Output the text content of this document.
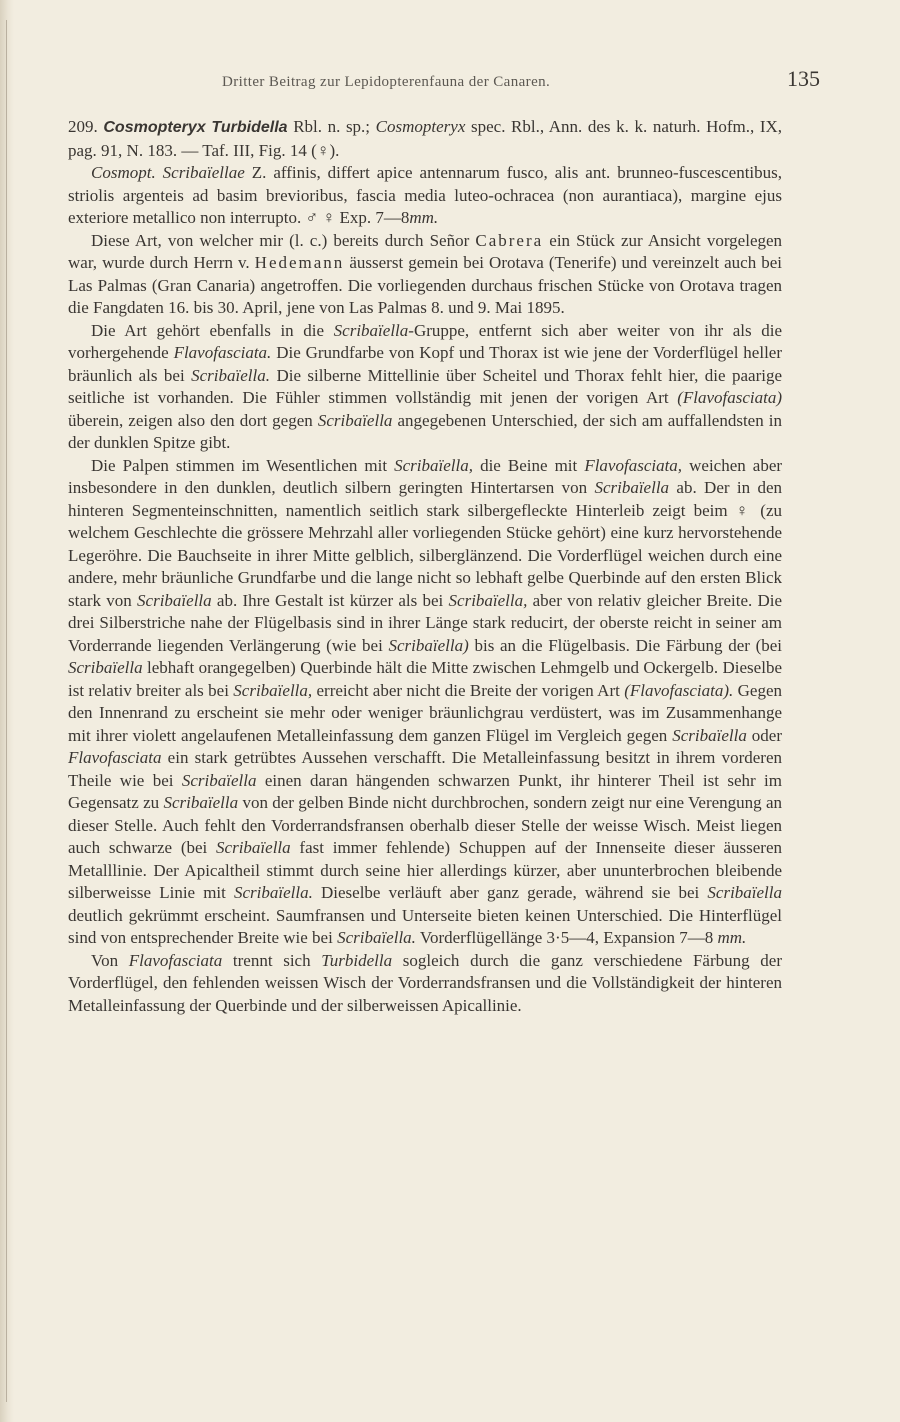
Dritter Beitrag zur Lepidopterenfauna der Canaren.	135

209. Cosmopteryx Turbidella Rbl. n. sp.; Cosmopteryx spec. Rbl., Ann. des k. k. naturh. Hofm., IX, pag. 91, N. 183. — Taf. III, Fig. 14 (♀).

Cosmopt. Scribaïellae Z. affinis, differt apice antennarum fusco, alis ant. brunneo-fuscescentibus, striolis argenteis ad basim brevioribus, fascia media luteo-ochracea (non aurantiaca), margine ejus exteriore metallico non interrupto. ♂ ♀ Exp. 7—8mm.

Diese Art, von welcher mir (l. c.) bereits durch Señor Cabrera ein Stück zur Ansicht vorgelegen war, wurde durch Herrn v. Hedemann äusserst gemein bei Orotava (Tenerife) und vereinzelt auch bei Las Palmas (Gran Canaria) angetroffen. Die vorliegenden durchaus frischen Stücke von Orotava tragen die Fangdaten 16. bis 30. April, jene von Las Palmas 8. und 9. Mai 1895.

Die Art gehört ebenfalls in die Scribaïella-Gruppe, entfernt sich aber weiter von ihr als die vorhergehende Flavofasciata. Die Grundfarbe von Kopf und Thorax ist wie jene der Vorderflügel heller bräunlich als bei Scribaïella. Die silberne Mittellinie über Scheitel und Thorax fehlt hier, die paarige seitliche ist vorhanden. Die Fühler stimmen vollständig mit jenen der vorigen Art (Flavofasciata) überein, zeigen also den dort gegen Scribaïella angegebenen Unterschied, der sich am auffallendsten in der dunklen Spitze gibt.

Die Palpen stimmen im Wesentlichen mit Scribaïella, die Beine mit Flavofasciata, weichen aber insbesondere in den dunklen, deutlich silbern geringten Hintertarsen von Scribaïella ab. Der in den hinteren Segmenteinschnitten, namentlich seitlich stark silbergefleckte Hinterleib zeigt beim ♀ (zu welchem Geschlechte die grössere Mehrzahl aller vorliegenden Stücke gehört) eine kurz hervorstehende Legeröhre. Die Bauchseite in ihrer Mitte gelblich, silberglänzend. Die Vorderflügel weichen durch eine andere, mehr bräunliche Grundfarbe und die lange nicht so lebhaft gelbe Querbinde auf den ersten Blick stark von Scribaïella ab. Ihre Gestalt ist kürzer als bei Scribaïella, aber von relativ gleicher Breite. Die drei Silberstriche nahe der Flügelbasis sind in ihrer Länge stark reducirt, der oberste reicht in seiner am Vorderrande liegenden Verlängerung (wie bei Scribaïella) bis an die Flügelbasis. Die Färbung der (bei Scribaïella lebhaft orangegelben) Querbinde hält die Mitte zwischen Lehmgelb und Ockergelb. Dieselbe ist relativ breiter als bei Scribaïella, erreicht aber nicht die Breite der vorigen Art (Flavofasciata). Gegen den Innenrand zu erscheint sie mehr oder weniger bräunlichgrau verdüstert, was im Zusammenhange mit ihrer violett angelaufenen Metalleinfassung dem ganzen Flügel im Vergleich gegen Scribaïella oder Flavofasciata ein stark getrübtes Aussehen verschafft. Die Metalleinfassung besitzt in ihrem vorderen Theile wie bei Scribaïella einen daran hängenden schwarzen Punkt, ihr hinterer Theil ist sehr im Gegensatz zu Scribaïella von der gelben Binde nicht durchbrochen, sondern zeigt nur eine Verengung an dieser Stelle. Auch fehlt den Vorderrandsfransen oberhalb dieser Stelle der weisse Wisch. Meist liegen auch schwarze (bei Scribaïella fast immer fehlende) Schuppen auf der Innenseite dieser äusseren Metalllinie. Der Apicaltheil stimmt durch seine hier allerdings kürzer, aber ununterbrochen bleibende silberweisse Linie mit Scribaïella. Dieselbe verläuft aber ganz gerade, während sie bei Scribaïella deutlich gekrümmt erscheint. Saumfransen und Unterseite bieten keinen Unterschied. Die Hinterflügel sind von entsprechender Breite wie bei Scribaïella. Vorderflügellänge 3·5—4, Expansion 7—8 mm.

Von Flavofasciata trennt sich Turbidella sogleich durch die ganz verschiedene Färbung der Vorderflügel, den fehlenden weissen Wisch der Vorderrandsfransen und die Vollständigkeit der hinteren Metalleinfassung der Querbinde und der silberweissen Apicallinie.
